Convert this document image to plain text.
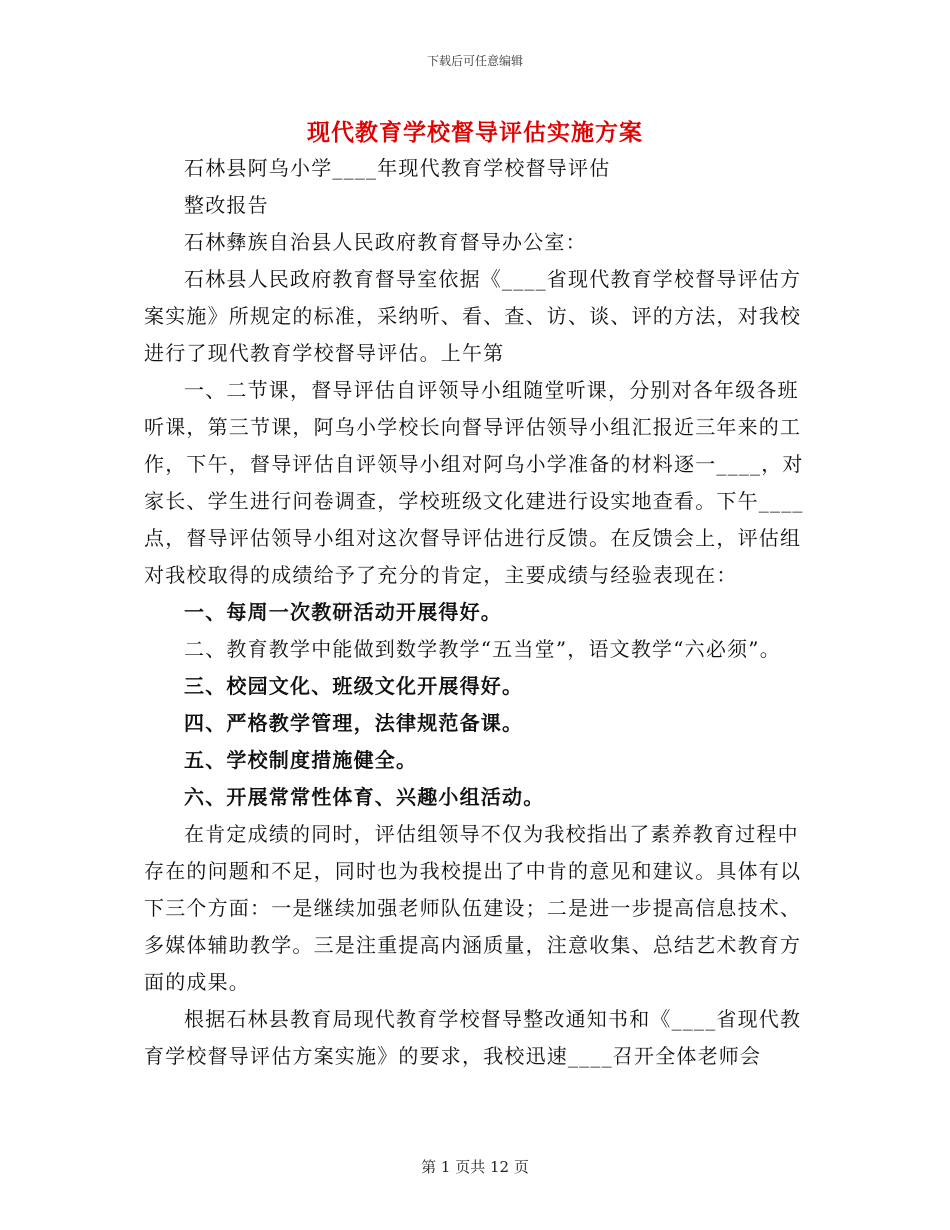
下载后可任意编辑
现代教育学校督导评估实施方案

石林县阿乌小学____年现代教育学校督导评估

整改报告

石林彝族自治县人民政府教育督导办公室：

石林县人民政府教育督导室依据《____省现代教育学校督导评估方案实施》所规定的标准，采纳听、看、查、访、谈、评的方法，对我校进行了现代教育学校督导评估。上午第

一、二节课，督导评估自评领导小组随堂听课，分别对各年级各班听课，第三节课，阿乌小学校长向督导评估领导小组汇报近三年来的工作，下午，督导评估自评领导小组对阿乌小学准备的材料逐一____，对家长、学生进行问卷调查，学校班级文化建进行设实地查看。下午____点，督导评估领导小组对这次督导评估进行反馈。在反馈会上，评估组对我校取得的成绩给予了充分的肯定，主要成绩与经验表现在：

一、每周一次教研活动开展得好。

二、教育教学中能做到数学教学“五当堂”，语文教学“六必须”。

三、校园文化、班级文化开展得好。

四、严格教学管理，法律规范备课。

五、学校制度措施健全。

六、开展常常性体育、兴趣小组活动。

在肯定成绩的同时，评估组领导不仅为我校指出了素养教育过程中存在的问题和不足，同时也为我校提出了中肯的意见和建议。具体有以下三个方面：一是继续加强老师队伍建设；二是进一步提高信息技术、多媒体辅助教学。三是注重提高内涵质量，注意收集、总结艺术教育方面的成果。

根据石林县教育局现代教育学校督导整改通知书和《____省现代教育学校督导评估方案实施》的要求，我校迅速____召开全体老师会

第 1 页共 12 页
